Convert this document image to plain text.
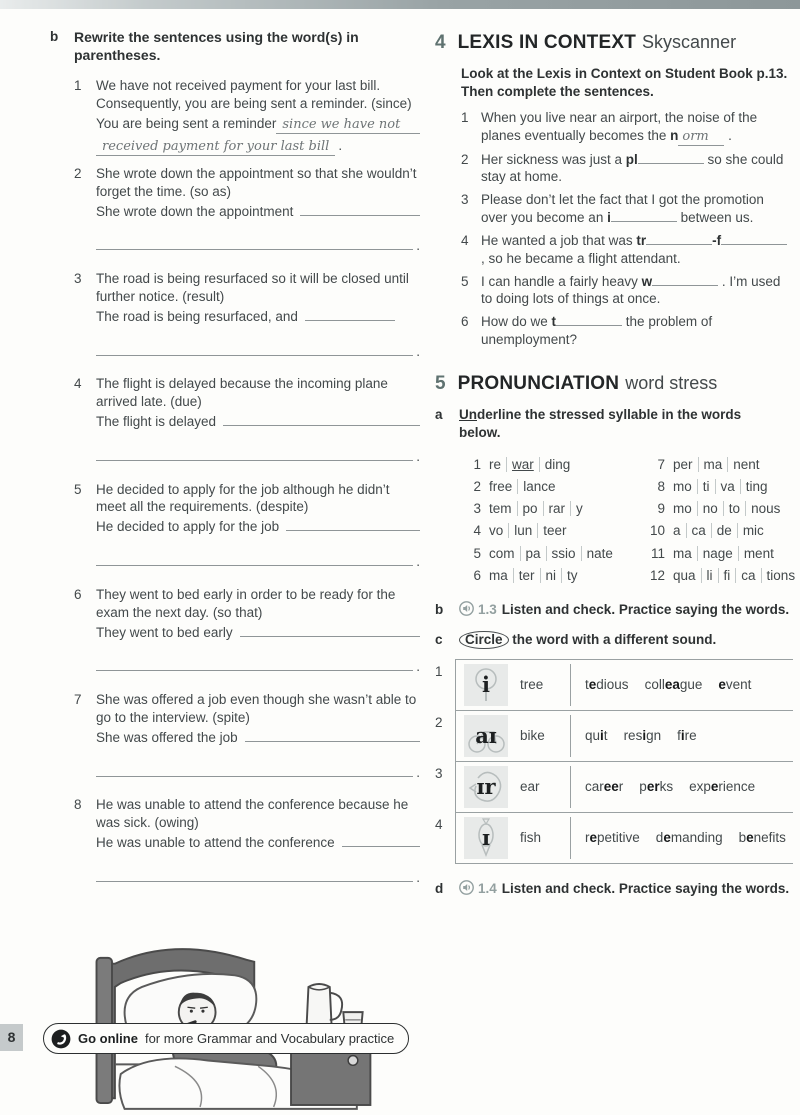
b	Rewrite the sentences using the word(s) in parentheses.

1	We have not received payment for your last bill. Consequently, you are being sent a reminder. (since)

You are being sent a reminder since we have not
received payment for your last bill .
2	She wrote down the appointment so that she wouldn’t forget the time. (so as)

She wrote down the appointment
.
3	The road is being resurfaced so it will be closed until further notice. (result)

The road is being resurfaced, and
.
4	The flight is delayed because the incoming plane arrived late. (due)

The flight is delayed
.
5	He decided to apply for the job although he didn’t meet all the requirements. (despite)

He decided to apply for the job
.
6	They went to bed early in order to be ready for the exam the next day. (so that)

They went to bed early
.
7	She was offered a job even though she wasn’t able to go to the interview. (spite)

She was offered the job
.
8	He was unable to attend the conference because he was sick. (owing)

He was unable to attend the conference
.
4 LEXIS IN CONTEXT Skyscanner

Look at the Lexis in Context on Student Book p.13. Then complete the sentences.

1 When you live near an airport, the noise of the planes eventually becomes the n orm .

2 Her sickness was just a pl	so she could stay at home.

3 Please don’t let the fact that I got the promotion over you become an i	between us.

4 He wanted a job that was tr	-f , so he became a flight attendant.

5 I can handle a fairly heavy w	. I’m used to doing lots of things at once.

6 How do we t	the problem of unemployment?

5 PRONUNCIATION word stress
a	Underline the stressed syllable in the words below.

1 re war ding	7 per ma nent
2 free lance	8 mo ti va ting
3 tem po rar y	9 mo no to nous
4 vo lun teer	10 a ca de mic
5 com pa ssio nate	11 ma nage ment
6 ma ter ni ty	12 qua li fi ca tions
b	1.3 Listen and check. Practice saying the words.
c	Circle the word with a different sound.

1
i	tree	tedious colleague event
2
aɪ	bike	quit resign fire
3
ɪr	ear	career perks experience
4
ɪ	fish	repetitive demanding benefits
d	1.4 Listen and check. Practice saying the words.
8	Go online for more Grammar and Vocabulary practice
